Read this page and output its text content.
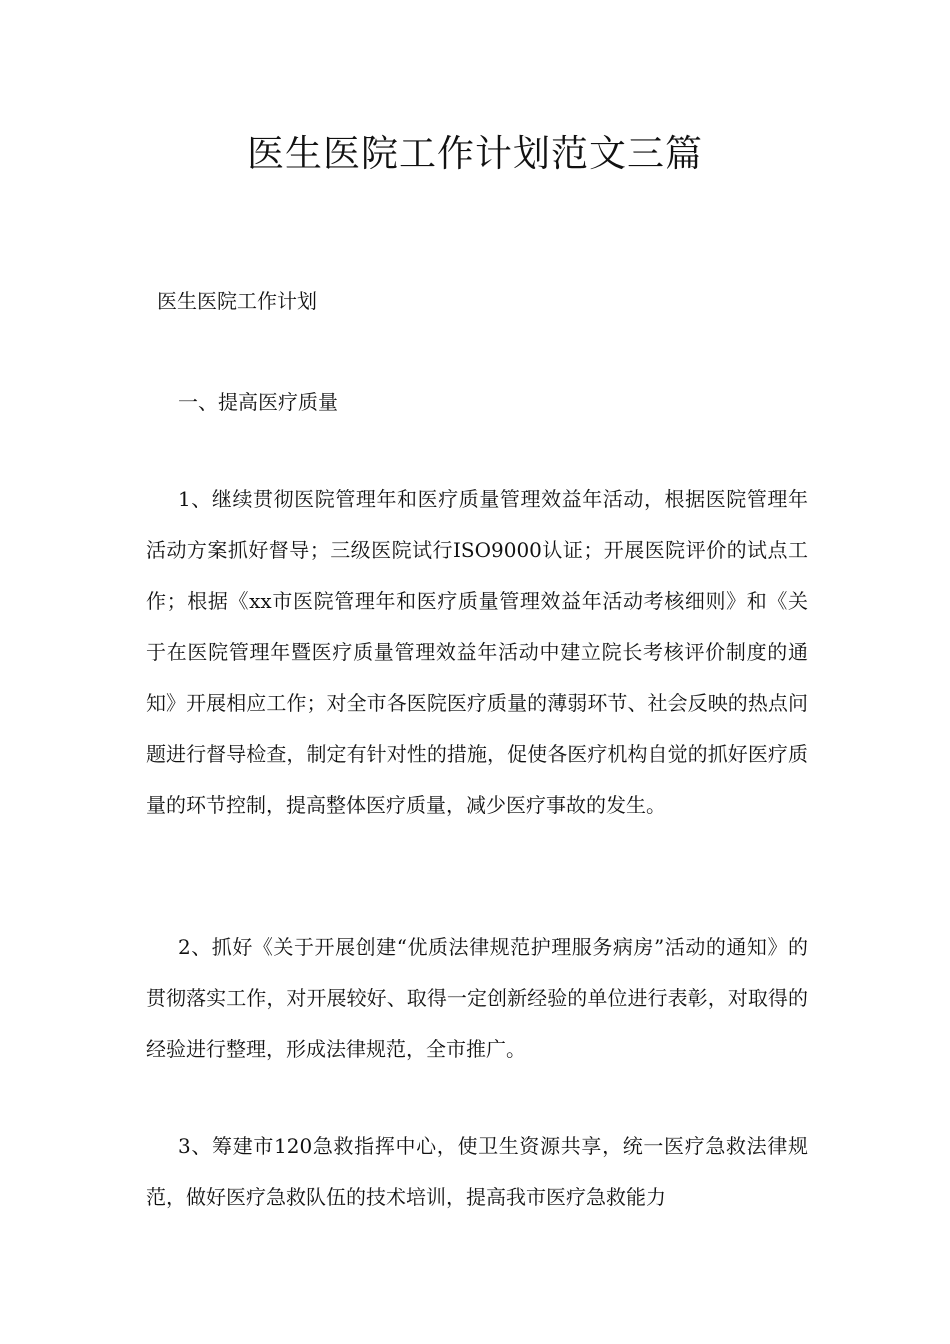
医生医院工作计划范文三篇

医生医院工作计划

一、提高医疗质量

1、继续贯彻医院管理年和医疗质量管理效益年活动，根据医院管理年活动方案抓好督导；三级医院试行ISO9000认证；开展医院评价的试点工作；根据《xx市医院管理年和医疗质量管理效益年活动考核细则》和《关于在医院管理年暨医疗质量管理效益年活动中建立院长考核评价制度的通知》开展相应工作；对全市各医院医疗质量的薄弱环节、社会反映的热点问题进行督导检查，制定有针对性的措施，促使各医疗机构自觉的抓好医疗质量的环节控制，提高整体医疗质量，减少医疗事故的发生。

2、抓好《关于开展创建“优质法律规范护理服务病房”活动的通知》的贯彻落实工作，对开展较好、取得一定创新经验的单位进行表彰，对取得的经验进行整理，形成法律规范，全市推广。

3、筹建市120急救指挥中心，使卫生资源共享，统一医疗急救法律规范，做好医疗急救队伍的技术培训，提高我市医疗急救能力
